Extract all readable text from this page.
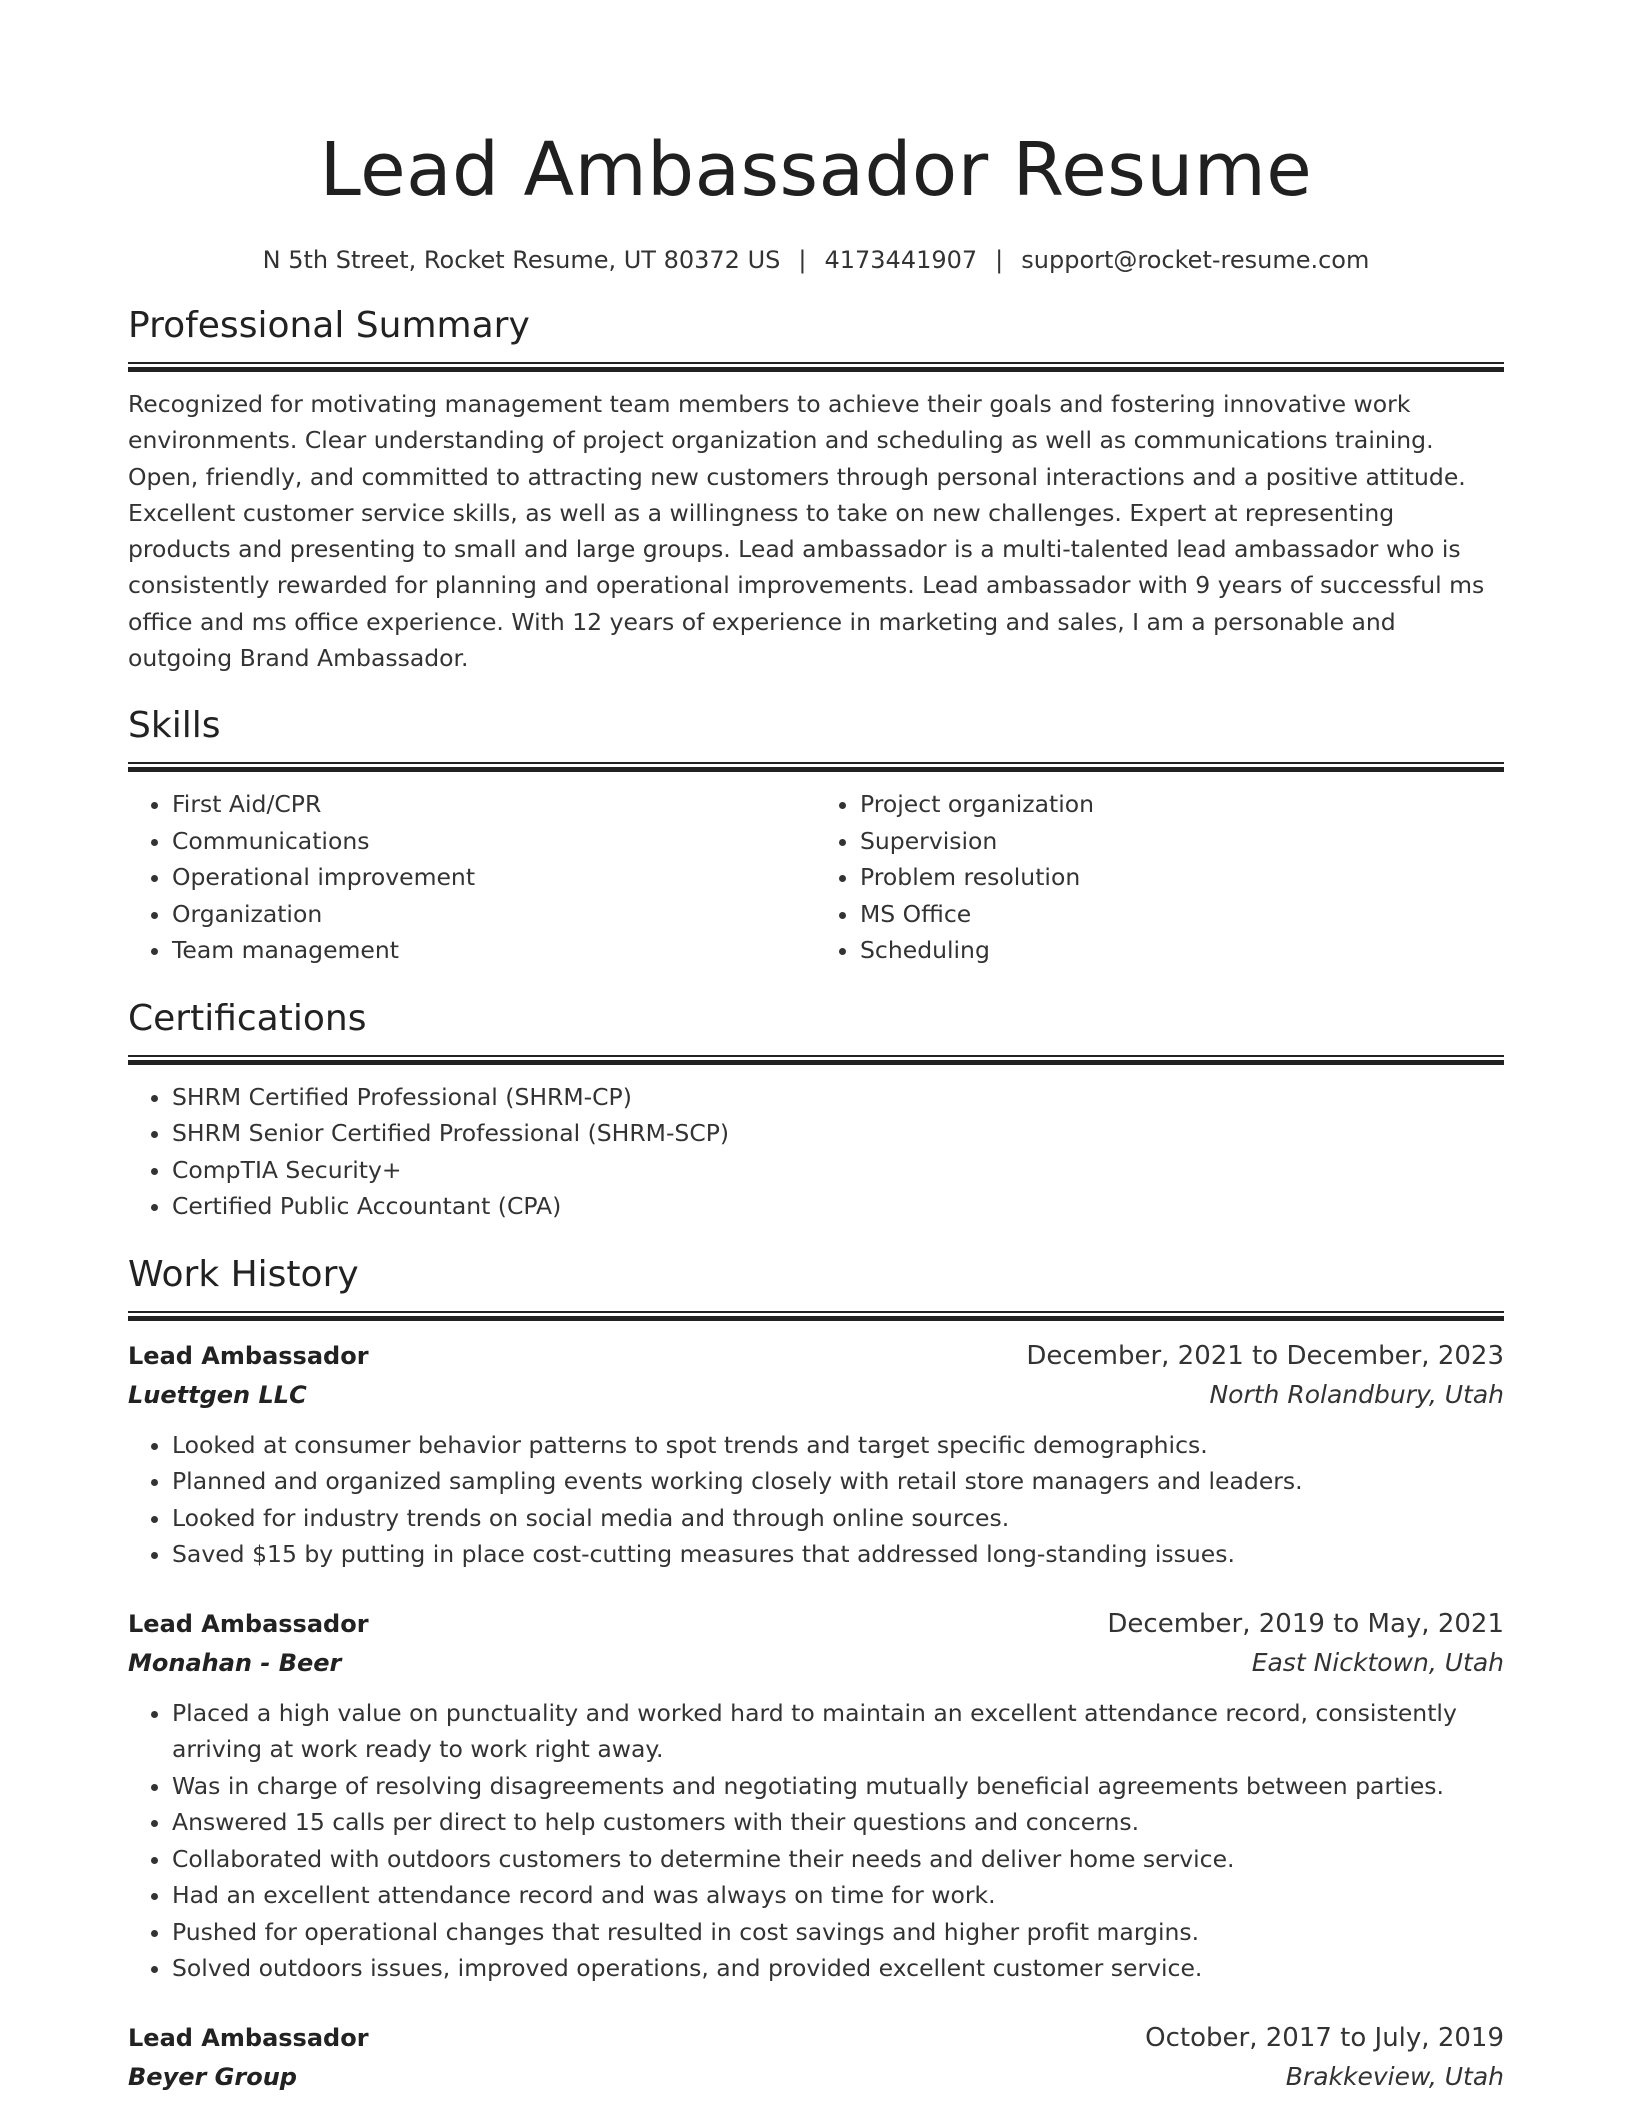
Lead Ambassador Resume
N 5th Street, Rocket Resume, UT 80372 US | 4173441907 | support@rocket-resume.com
Professional Summary

Recognized for motivating management team members to achieve their goals and fostering innovative work environments. Clear understanding of project organization and scheduling as well as communications training. Open, friendly, and committed to attracting new customers through personal interactions and a positive attitude. Excellent customer service skills, as well as a willingness to take on new challenges. Expert at representing products and presenting to small and large groups. Lead ambassador is a multi-talented lead ambassador who is consistently rewarded for planning and operational improvements. Lead ambassador with 9 years of successful ms office and ms office experience. With 12 years of experience in marketing and sales, I am a personable and outgoing Brand Ambassador.

Skills
• First Aid/CPR
• Communications
• Operational improvement
• Organization
• Team management
• Project organization
• Supervision
• Problem resolution
• MS Office
• Scheduling
Certifications
• SHRM Certified Professional (SHRM-CP)
• SHRM Senior Certified Professional (SHRM-SCP)
• CompTIA Security+
• Certified Public Accountant (CPA)
Work History
Lead Ambassador	December, 2021 to December, 2023
Luettgen LLC	North Rolandbury, Utah
• Looked at consumer behavior patterns to spot trends and target specific demographics.
• Planned and organized sampling events working closely with retail store managers and leaders.
• Looked for industry trends on social media and through online sources.
• Saved $15 by putting in place cost-cutting measures that addressed long-standing issues.
Lead Ambassador	December, 2019 to May, 2021
Monahan - Beer	East Nicktown, Utah
• Placed a high value on punctuality and worked hard to maintain an excellent attendance record, consistently arriving at work ready to work right away.
• Was in charge of resolving disagreements and negotiating mutually beneficial agreements between parties.
• Answered 15 calls per direct to help customers with their questions and concerns.
• Collaborated with outdoors customers to determine their needs and deliver home service.
• Had an excellent attendance record and was always on time for work.
• Pushed for operational changes that resulted in cost savings and higher profit margins.
• Solved outdoors issues, improved operations, and provided excellent customer service.
Lead Ambassador	October, 2017 to July, 2019
Beyer Group	Brakkeview, Utah
